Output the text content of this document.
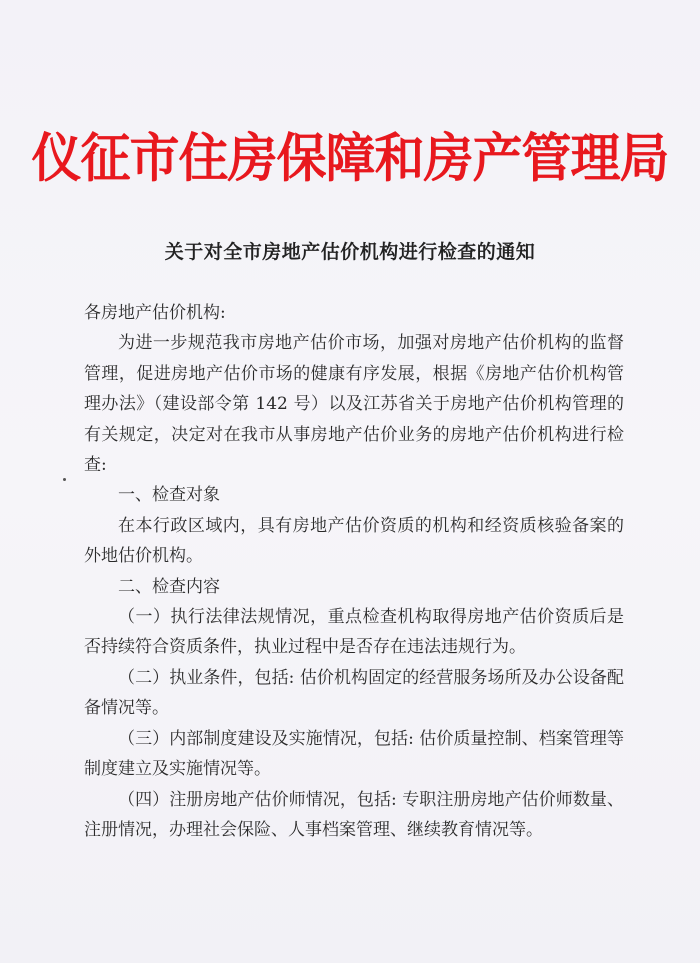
仪征市住房保障和房产管理局
关于对全市房地产估价机构进行检查的通知

各房地产估价机构:

为进一步规范我市房地产估价市场，加强对房地产估价机构的监督管理，促进房地产估价市场的健康有序发展，根据《房地产估价机构管理办法》（建设部令第 142 号）以及江苏省关于房地产估价机构管理的有关规定，决定对在我市从事房地产估价业务的房地产估价机构进行检查:

一、检查对象

在本行政区域内，具有房地产估价资质的机构和经资质核验备案的外地估价机构。

二、检查内容

（一）执行法律法规情况，重点检查机构取得房地产估价资质后是否持续符合资质条件，执业过程中是否存在违法违规行为。

（二）执业条件，包括: 估价机构固定的经营服务场所及办公设备配备情况等。

（三）内部制度建设及实施情况，包括: 估价质量控制、档案管理等制度建立及实施情况等。

（四）注册房地产估价师情况，包括: 专职注册房地产估价师数量、注册情况，办理社会保险、人事档案管理、继续教育情况等。
